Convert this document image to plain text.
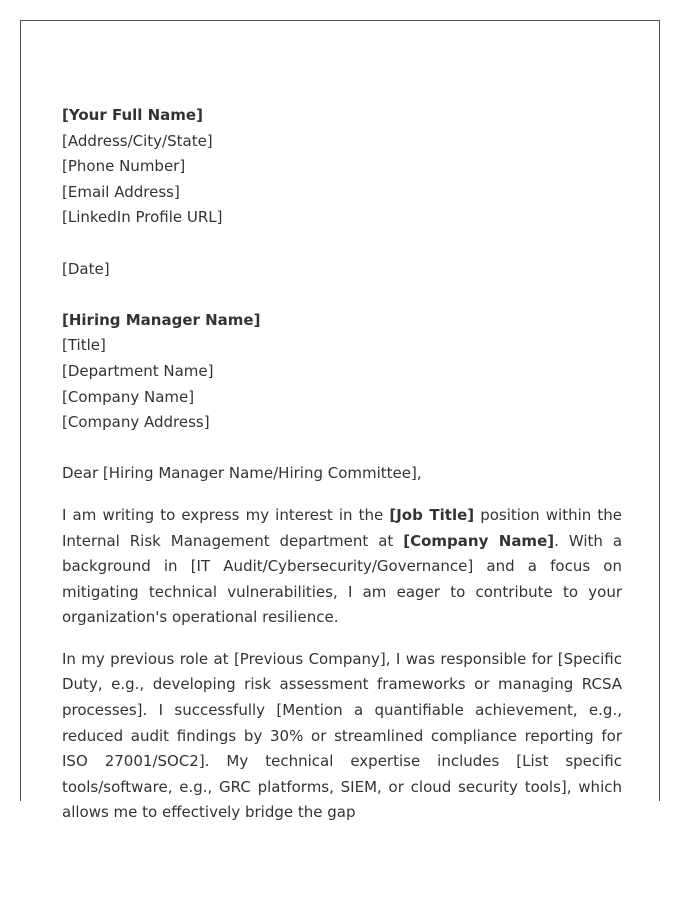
[Your Full Name]
[Address/City/State]
[Phone Number]
[Email Address]
[LinkedIn Profile URL]
[Date]
[Hiring Manager Name]
[Title]
[Department Name]
[Company Name]
[Company Address]
Dear [Hiring Manager Name/Hiring Committee],

I am writing to express my interest in the [Job Title] position within the Internal Risk Management department at [Company Name]. With a background in [IT Audit/Cybersecurity/Governance] and a focus on mitigating technical vulnerabilities, I am eager to contribute to your organization's operational resilience.

In my previous role at [Previous Company], I was responsible for [Specific Duty, e.g., developing risk assessment frameworks or managing RCSA processes]. I successfully [Mention a quantifiable achievement, e.g., reduced audit findings by 30% or streamlined compliance reporting for ISO 27001/SOC2]. My technical expertise includes [List specific tools/software, e.g., GRC platforms, SIEM, or cloud security tools], which allows me to effectively bridge the gap
